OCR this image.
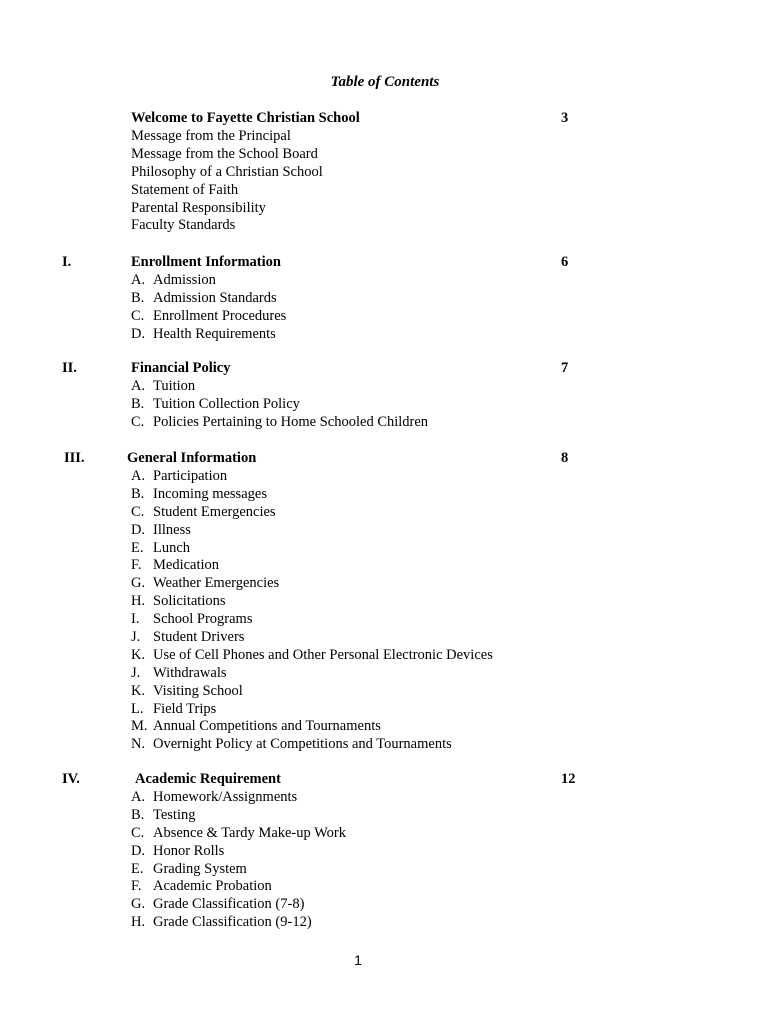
Table of Contents
Welcome to Fayette Christian School	3
Message from the Principal
Message from the School Board
Philosophy of a Christian School
Statement of Faith
Parental Responsibility
Faculty Standards
I.	Enrollment Information	6
A. Admission
B. Admission Standards
C. Enrollment Procedures
D. Health Requirements
II.	Financial Policy	7
A. Tuition
B. Tuition Collection Policy
C. Policies Pertaining to Home Schooled Children
III.	General Information	8
A. Participation
B. Incoming messages
C. Student Emergencies
D. Illness
E. Lunch
F. Medication
G. Weather Emergencies
H. Solicitations
I. School Programs
J. Student Drivers
K. Use of Cell Phones and Other Personal Electronic Devices
J. Withdrawals
K. Visiting School
L. Field Trips
M. Annual Competitions and Tournaments
N. Overnight Policy at Competitions and Tournaments
IV.	Academic Requirement	12
A. Homework/Assignments
B. Testing
C. Absence & Tardy Make-up Work
D. Honor Rolls
E. Grading System
F. Academic Probation
G. Grade Classification (7-8)
H. Grade Classification (9-12)
1
